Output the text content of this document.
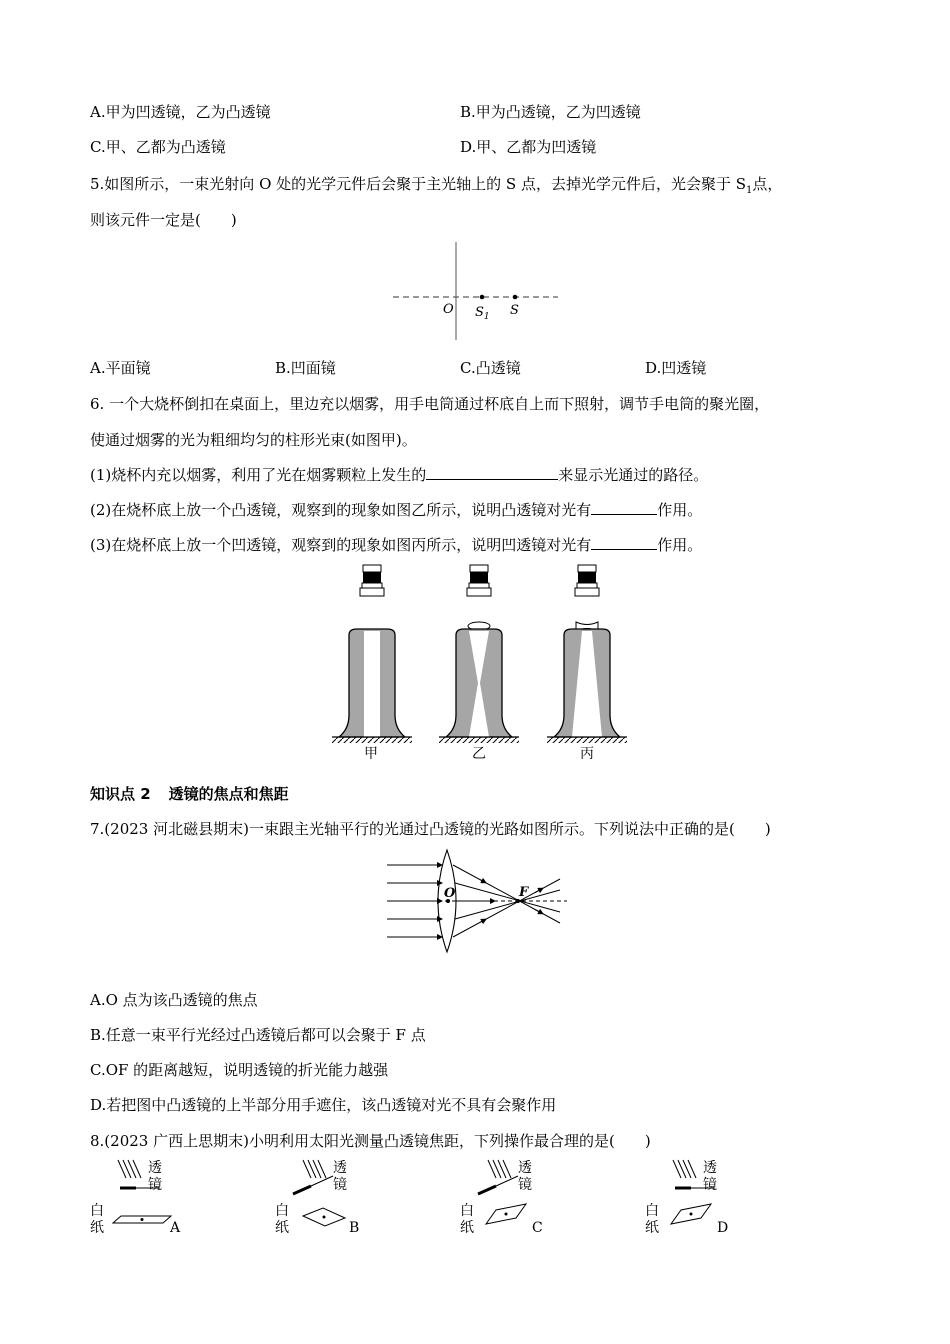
A.甲为凹透镜，乙为凸透镜	B.甲为凸透镜，乙为凹透镜
C.甲、乙都为凸透镜	D.甲、乙都为凹透镜
5.如图所示，一束光射向 O 处的光学元件后会聚于主光轴上的 S 点，去掉光学元件后，光会聚于 $S_1$点，
则该元件一定是(　　)
O $S_1$ S
A.平面镜	B.凹面镜	C.凸透镜	D.凹透镜
6. 一个大烧杯倒扣在桌面上，里边充以烟雾，用手电筒通过杯底自上而下照射，调节手电筒的聚光圈，
使通过烟雾的光为粗细均匀的柱形光束(如图甲)。
(1)烧杯内充以烟雾，利用了光在烟雾颗粒上发生的	来显示光通过的路径。
(2)在烧杯底上放一个凸透镜，观察到的现象如图乙所示，说明凸透镜对光有	作用。
(3)在烧杯底上放一个凹透镜，观察到的现象如图丙所示，说明凹透镜对光有	作用。
甲	乙	丙
知识点 2 透镜的焦点和焦距
7.(2023 河北磁县期末)一束跟主光轴平行的光通过凸透镜的光路如图所示。下列说法中正确的是(　　)
O	F
A.O 点为该凸透镜的焦点
B.任意一束平行光经过凸透镜后都可以会聚于 F 点
C.OF 的距离越短，说明透镜的折光能力越强
D.若把图中凸透镜的上半部分用手遮住，该凸透镜对光不具有会聚作用
8.(2023 广西上思期末)小明利用太阳光测量凸透镜焦距，下列操作最合理的是(　　)
透
镜
白
纸	A
透
镜
白
纸	B
透
镜
白
纸	C
透
镜
白
纸	D
